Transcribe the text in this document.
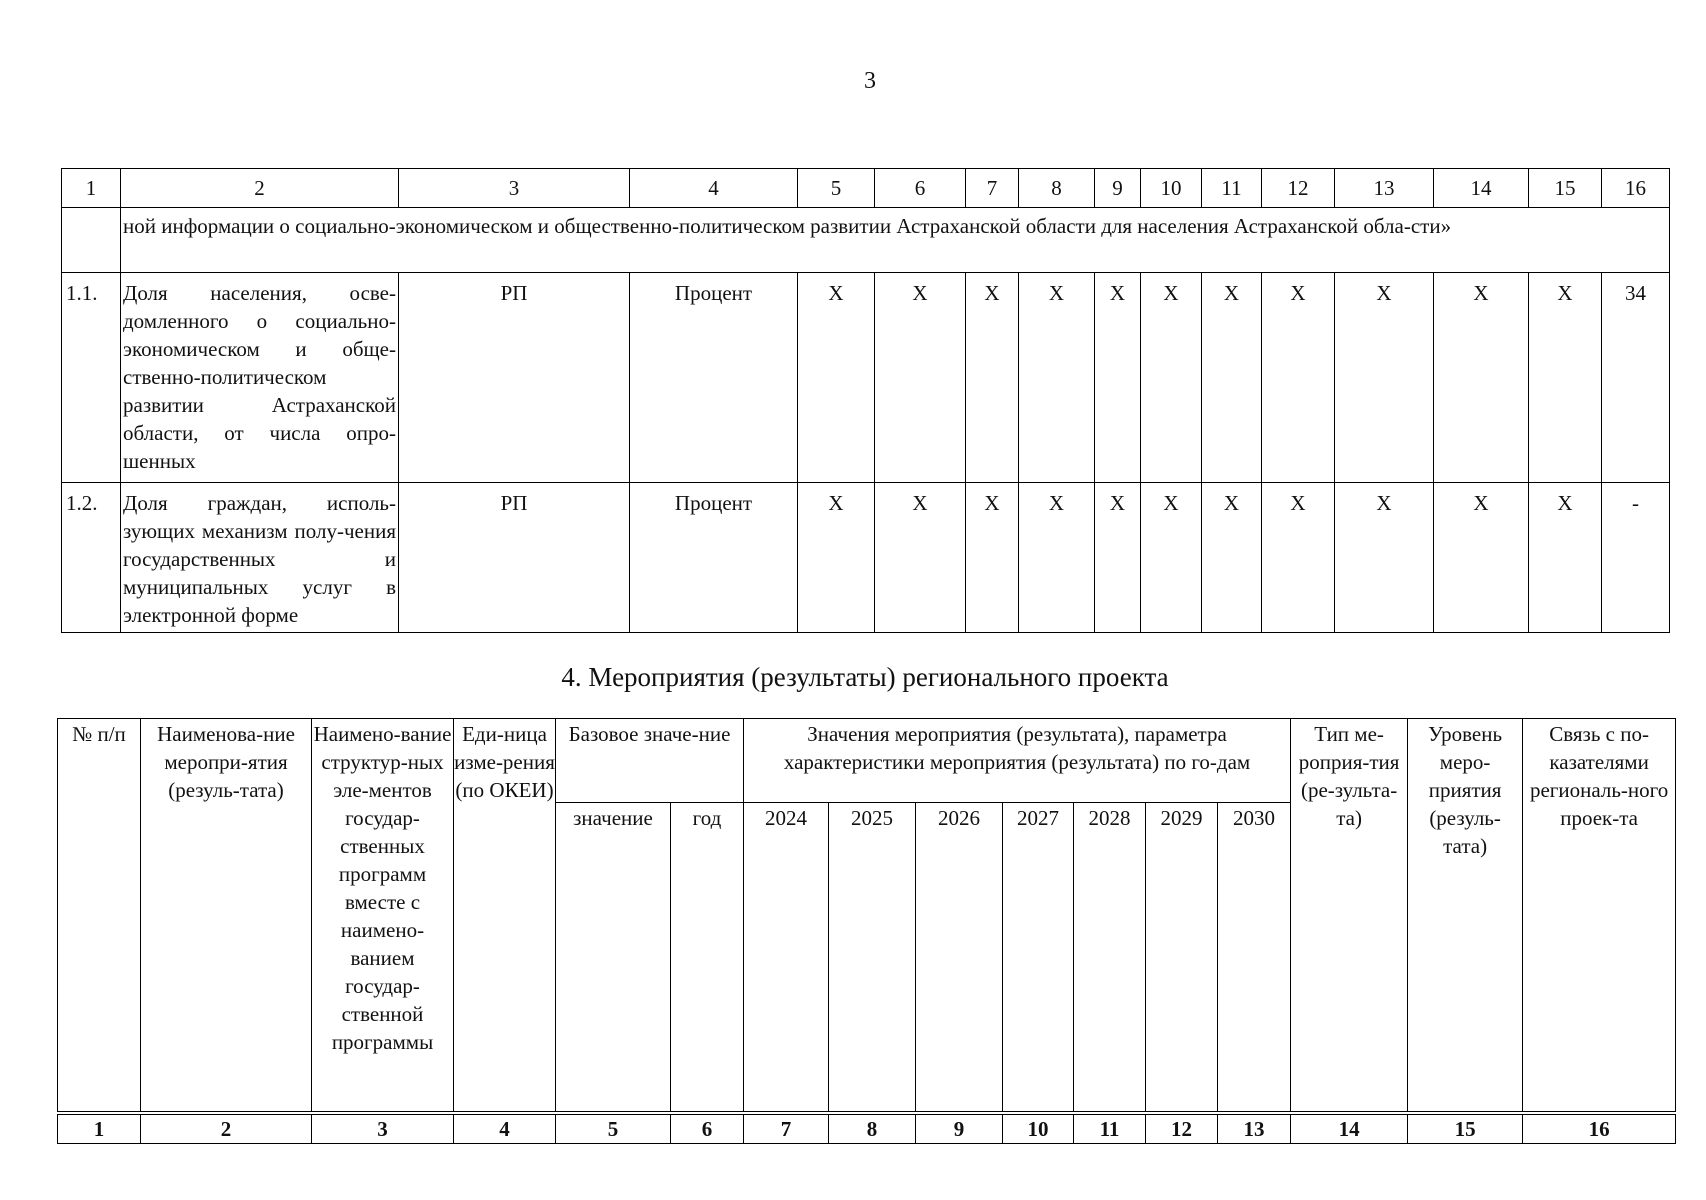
3
1	2	3	4	5	6	7	8	9	10	11	12	13	14	15	16
	ной информации о социально-экономическом и общественно-политическом развитии Астраханской области для населения Астраханской обла-сти»														
1.1.	Доля населения, осве-домленного о социально-экономическом и обще-ственно-политическом развитии Астраханской области, от числа опро-шенных	РП	Процент	X	X	X	X	X	X	X	X	X	X	X	34
1.2.	Доля граждан, исполь-зующих механизм полу-чения государственных и муниципальных услуг в электронной форме	РП	Процент	X	X	X	X	X	X	X	X	X	X	X	-
4. Мероприятия (результаты) регионального проекта
№ п/п	Наименова-ние меропри-ятия (резуль-тата)	Наимено-вание структур-ных эле-ментов государ-ственных программ вместе с наимено-ванием государ-ственной программы	Еди-ница изме-рения (по ОКЕИ)	Базовое значе-ние		Значения мероприятия (результата), параметра характеристики мероприятия (результата) по го-дам							Тип ме-роприя-тия (ре-зульта-та)	Уровень меро-приятия (резуль-тата)	Связь с по-казателями региональ-ного проек-та
				значение	год	2024	2025	2026	2027	2028	2029	2030			
1	2	3	4	5	6	7	8	9	10	11	12	13	14	15	16
